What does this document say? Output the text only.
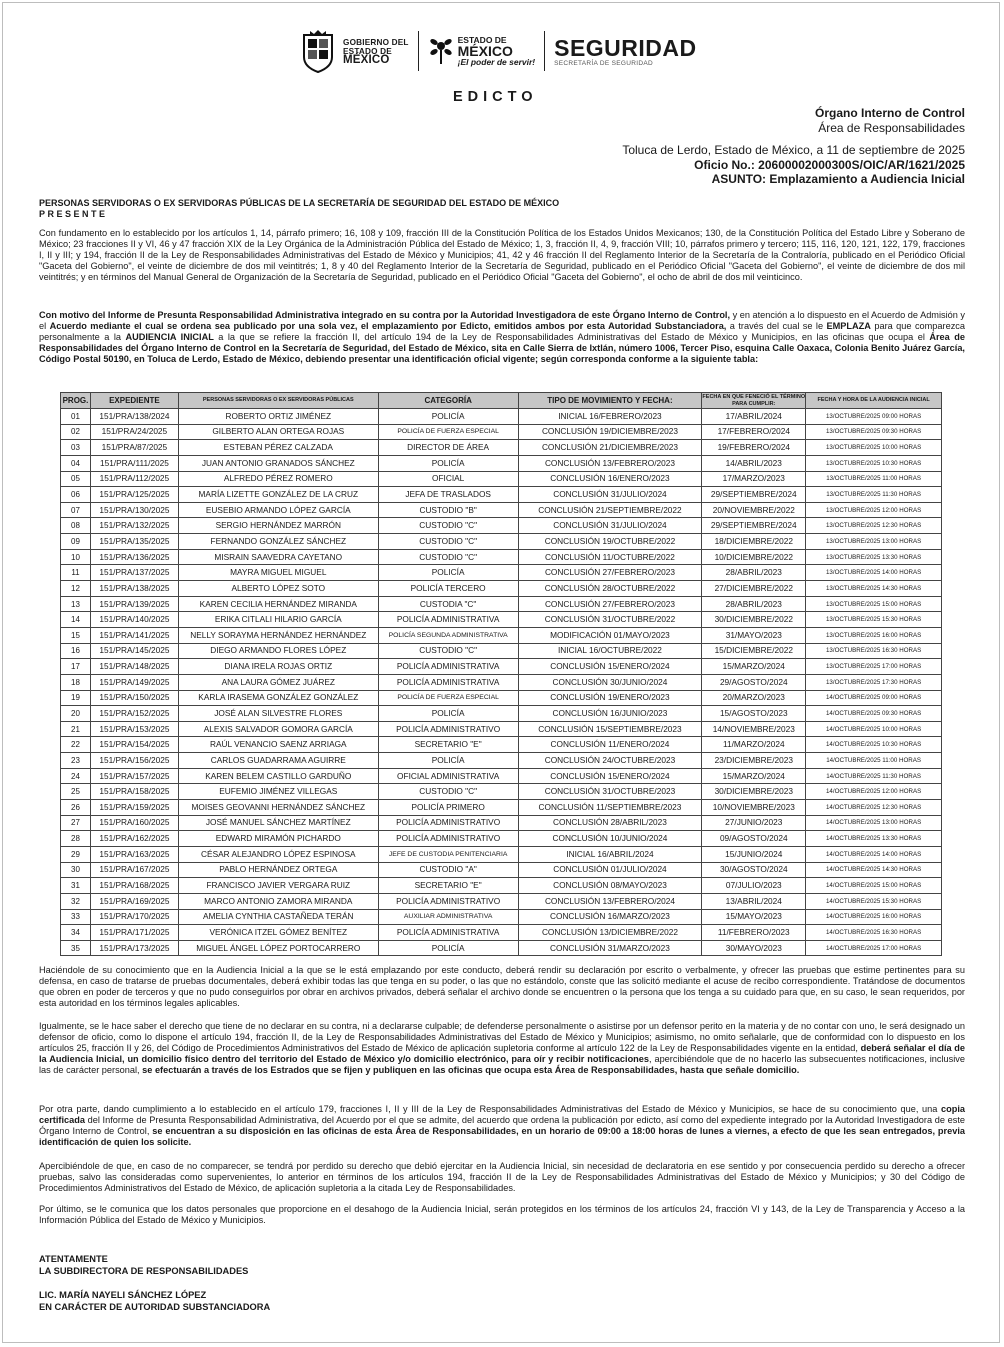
GOBIERNO DEL
ESTADO DE
MÉXICO
ESTADO DE
MÉXICO
¡El poder de servir!
SEGURIDAD
SECRETARÍA DE SEGURIDAD
EDICTO
Órgano Interno de Control
Área de Responsabilidades
Toluca de Lerdo, Estado de México, a 11 de septiembre de 2025
Oficio No.: 20600002000300S/OIC/AR/1621/2025
ASUNTO: Emplazamiento a Audiencia Inicial
PERSONAS SERVIDORAS O EX SERVIDORAS PÚBLICAS DE LA SECRETARÍA DE SEGURIDAD DEL ESTADO DE MÉXICO
PRESENTE
Con fundamento en lo establecido por los artículos 1, 14, párrafo primero; 16, 108 y 109, fracción III de la Constitución Política de los Estados Unidos Mexicanos; 130, de la Constitución Política del Estado Libre y Soberano de México; 23 fracciones II y VI, 46 y 47 fracción XIX de la Ley Orgánica de la Administración Pública del Estado de México; 1, 3, fracción II, 4, 9, fracción VIII; 10, párrafos primero y tercero; 115, 116, 120, 121, 122, 179, fracciones I, II y III; y 194, fracción II de la Ley de Responsabilidades Administrativas del Estado de México y Municipios; 41, 42 y 46 fracción II del Reglamento Interior de la Secretaría de la Contraloría, publicado en el Periódico Oficial "Gaceta del Gobierno", el veinte de diciembre de dos mil veintitrés; 1, 8 y 40 del Reglamento Interior de la Secretaría de Seguridad, publicado en el Periódico Oficial "Gaceta del Gobierno", el veinte de diciembre de dos mil veintitrés; y en términos del Manual General de Organización de la Secretaría de Seguridad, publicado en el Periódico Oficial "Gaceta del Gobierno", el ocho de abril de dos mil veinticinco.
Con motivo del Informe de Presunta Responsabilidad Administrativa integrado en su contra por la Autoridad Investigadora de este Órgano Interno de Control, y en atención a lo dispuesto en el Acuerdo de Admisión y el Acuerdo mediante el cual se ordena sea publicado por una sola vez, el emplazamiento por Edicto, emitidos ambos por esta Autoridad Substanciadora, a través del cual se le EMPLAZA para que comparezca personalmente a la AUDIENCIA INICIAL a la que se refiere la fracción II, del artículo 194 de la Ley de Responsabilidades Administrativas del Estado de México y Municipios, en las oficinas que ocupa el Área de Responsabilidades del Órgano Interno de Control en la Secretaría de Seguridad, del Estado de México, sita en Calle Sierra de Ixtlán, número 1006, Tercer Piso, esquina Calle Oaxaca, Colonia Benito Juárez García, Código Postal 50190, en Toluca de Lerdo, Estado de México, debiendo presentar una identificación oficial vigente; según corresponda conforme a la siguiente tabla:
PROG.	EXPEDIENTE	PERSONAS SERVIDORAS O EX SERVIDORAS PÚBLICAS	CATEGORÍA	TIPO DE MOVIMIENTO Y FECHA:	FECHA EN QUE FENECIÓ EL TÉRMINO PARA CUMPLIR:	FECHA Y HORA DE LA AUDIENCIA INICIAL
01	151/PRA/138/2024	ROBERTO ORTIZ JIMÉNEZ	POLICÍA	INICIAL 16/FEBRERO/2023	17/ABRIL/2024	13/OCTUBRE/2025 09:00 HORAS
02	151/PRA/24/2025	GILBERTO ALAN ORTEGA ROJAS	POLICÍA DE FUERZA ESPECIAL	CONCLUSIÓN 19/DICIEMBRE/2023	17/FEBRERO/2024	13/OCTUBRE/2025 09:30 HORAS
03	151/PRA/87/2025	ESTEBAN PÉREZ CALZADA	DIRECTOR DE ÁREA	CONCLUSIÓN 21/DICIEMBRE/2023	19/FEBRERO/2024	13/OCTUBRE/2025 10:00 HORAS
04	151/PRA/111/2025	JUAN ANTONIO GRANADOS SÁNCHEZ	POLICÍA	CONCLUSIÓN 13/FEBRERO/2023	14/ABRIL/2023	13/OCTUBRE/2025 10:30 HORAS
05	151/PRA/112/2025	ALFREDO PÉREZ ROMERO	OFICIAL	CONCLUSIÓN 16/ENERO/2023	17/MARZO/2023	13/OCTUBRE/2025 11:00 HORAS
06	151/PRA/125/2025	MARÍA LIZETTE GONZÁLEZ DE LA CRUZ	JEFA DE TRASLADOS	CONCLUSIÓN 31/JULIO/2024	29/SEPTIEMBRE/2024	13/OCTUBRE/2025 11:30 HORAS
07	151/PRA/130/2025	EUSEBIO ARMANDO LÓPEZ GARCÍA	CUSTODIO "B"	CONCLUSIÓN 21/SEPTIEMBRE/2022	20/NOVIEMBRE/2022	13/OCTUBRE/2025 12:00 HORAS
08	151/PRA/132/2025	SERGIO HERNÁNDEZ MARRÓN	CUSTODIO "C"	CONCLUSIÓN 31/JULIO/2024	29/SEPTIEMBRE/2024	13/OCTUBRE/2025 12:30 HORAS
09	151/PRA/135/2025	FERNANDO GONZÁLEZ SÁNCHEZ	CUSTODIO "C"	CONCLUSIÓN 19/OCTUBRE/2022	18/DICIEMBRE/2022	13/OCTUBRE/2025 13:00 HORAS
10	151/PRA/136/2025	MISRAIN SAAVEDRA CAYETANO	CUSTODIO "C"	CONCLUSIÓN 11/OCTUBRE/2022	10/DICIEMBRE/2022	13/OCTUBRE/2025 13:30 HORAS
11	151/PRA/137/2025	MAYRA MIGUEL MIGUEL	POLICÍA	CONCLUSIÓN 27/FEBRERO/2023	28/ABRIL/2023	13/OCTUBRE/2025 14:00 HORAS
12	151/PRA/138/2025	ALBERTO LÓPEZ SOTO	POLICÍA TERCERO	CONCLUSIÓN 28/OCTUBRE/2022	27/DICIEMBRE/2022	13/OCTUBRE/2025 14:30 HORAS
13	151/PRA/139/2025	KAREN CECILIA HERNÁNDEZ MIRANDA	CUSTODIA "C"	CONCLUSIÓN 27/FEBRERO/2023	28/ABRIL/2023	13/OCTUBRE/2025 15:00 HORAS
14	151/PRA/140/2025	ERIKA CITLALI HILARIO GARCÍA	POLICÍA ADMINISTRATIVA	CONCLUSIÓN 31/OCTUBRE/2022	30/DICIEMBRE/2022	13/OCTUBRE/2025 15:30 HORAS
15	151/PRA/141/2025	NELLY SORAYMA HERNÁNDEZ HERNÁNDEZ	POLICÍA SEGUNDA ADMINISTRATIVA	MODIFICACIÓN 01/MAYO/2023	31/MAYO/2023	13/OCTUBRE/2025 16:00 HORAS
16	151/PRA/145/2025	DIEGO ARMANDO FLORES LÓPEZ	CUSTODIO "C"	INICIAL 16/OCTUBRE/2022	15/DICIEMBRE/2022	13/OCTUBRE/2025 16:30 HORAS
17	151/PRA/148/2025	DIANA IRELA ROJAS ORTIZ	POLICÍA ADMINISTRATIVA	CONCLUSIÓN 15/ENERO/2024	15/MARZO/2024	13/OCTUBRE/2025 17:00 HORAS
18	151/PRA/149/2025	ANA LAURA GÓMEZ JUÁREZ	POLICÍA ADMINISTRATIVA	CONCLUSIÓN 30/JUNIO/2024	29/AGOSTO/2024	13/OCTUBRE/2025 17:30 HORAS
19	151/PRA/150/2025	KARLA IRASEMA GONZÁLEZ GONZÁLEZ	POLICÍA DE FUERZA ESPECIAL	CONCLUSIÓN 19/ENERO/2023	20/MARZO/2023	14/OCTUBRE/2025 09:00 HORAS
20	151/PRA/152/2025	JOSÉ ALAN SILVESTRE FLORES	POLICÍA	CONCLUSIÓN 16/JUNIO/2023	15/AGOSTO/2023	14/OCTUBRE/2025 09:30 HORAS
21	151/PRA/153/2025	ALEXIS SALVADOR GOMORA GARCÍA	POLICÍA ADMINISTRATIVO	CONCLUSIÓN 15/SEPTIEMBRE/2023	14/NOVIEMBRE/2023	14/OCTUBRE/2025 10:00 HORAS
22	151/PRA/154/2025	RAÚL VENANCIO SAENZ ARRIAGA	SECRETARIO "E"	CONCLUSIÓN 11/ENERO/2024	11/MARZO/2024	14/OCTUBRE/2025 10:30 HORAS
23	151/PRA/156/2025	CARLOS GUADARRAMA AGUIRRE	POLICÍA	CONCLUSIÓN 24/OCTUBRE/2023	23/DICIEMBRE/2023	14/OCTUBRE/2025 11:00 HORAS
24	151/PRA/157/2025	KAREN BELEM CASTILLO GARDUÑO	OFICIAL ADMINISTRATIVA	CONCLUSIÓN 15/ENERO/2024	15/MARZO/2024	14/OCTUBRE/2025 11:30 HORAS
25	151/PRA/158/2025	EUFEMIO JIMÉNEZ VILLEGAS	CUSTODIO "C"	CONCLUSIÓN 31/OCTUBRE/2023	30/DICIEMBRE/2023	14/OCTUBRE/2025 12:00 HORAS
26	151/PRA/159/2025	MOISES GEOVANNI HERNÁNDEZ SÁNCHEZ	POLICÍA PRIMERO	CONCLUSIÓN 11/SEPTIEMBRE/2023	10/NOVIEMBRE/2023	14/OCTUBRE/2025 12:30 HORAS
27	151/PRA/160/2025	JOSÉ MANUEL SÁNCHEZ MARTÍNEZ	POLICÍA ADMINISTRATIVO	CONCLUSIÓN 28/ABRIL/2023	27/JUNIO/2023	14/OCTUBRE/2025 13:00 HORAS
28	151/PRA/162/2025	EDWARD MIRAMÓN PICHARDO	POLICÍA ADMINISTRATIVO	CONCLUSIÓN 10/JUNIO/2024	09/AGOSTO/2024	14/OCTUBRE/2025 13:30 HORAS
29	151/PRA/163/2025	CÉSAR ALEJANDRO LÓPEZ ESPINOSA	JEFE DE CUSTODIA PENITENCIARIA	INICIAL 16/ABRIL/2024	15/JUNIO/2024	14/OCTUBRE/2025 14:00 HORAS
30	151/PRA/167/2025	PABLO HERNÁNDEZ ORTEGA	CUSTODIO "A"	CONCLUSIÓN 01/JULIO/2024	30/AGOSTO/2024	14/OCTUBRE/2025 14:30 HORAS
31	151/PRA/168/2025	FRANCISCO JAVIER VERGARA RUIZ	SECRETARIO "E"	CONCLUSIÓN 08/MAYO/2023	07/JULIO/2023	14/OCTUBRE/2025 15:00 HORAS
32	151/PRA/169/2025	MARCO ANTONIO ZAMORA MIRANDA	POLICÍA ADMINISTRATIVO	CONCLUSIÓN 13/FEBRERO/2024	13/ABRIL/2024	14/OCTUBRE/2025 15:30 HORAS
33	151/PRA/170/2025	AMELIA CYNTHIA CASTAÑEDA TERÁN	AUXILIAR ADMINISTRATIVA	CONCLUSIÓN 16/MARZO/2023	15/MAYO/2023	14/OCTUBRE/2025 16:00 HORAS
34	151/PRA/171/2025	VERÓNICA ITZEL GÓMEZ BENÍTEZ	POLICÍA ADMINISTRATIVA	CONCLUSIÓN 13/DICIEMBRE/2022	11/FEBRERO/2023	14/OCTUBRE/2025 16:30 HORAS
35	151/PRA/173/2025	MIGUEL ÁNGEL LÓPEZ PORTOCARRERO	POLICÍA	CONCLUSIÓN 31/MARZO/2023	30/MAYO/2023	14/OCTUBRE/2025 17:00 HORAS
Haciéndole de su conocimiento que en la Audiencia Inicial a la que se le está emplazando por este conducto, deberá rendir su declaración por escrito o verbalmente, y ofrecer las pruebas que estime pertinentes para su defensa, en caso de tratarse de pruebas documentales, deberá exhibir todas las que tenga en su poder, o las que no estándolo, conste que las solicitó mediante el acuse de recibo correspondiente. Tratándose de documentos que obren en poder de terceros y que no pudo conseguirlos por obrar en archivos privados, deberá señalar el archivo donde se encuentren o la persona que los tenga a su cuidado para que, en su caso, le sean requeridos, por esta autoridad en los términos legales aplicables.
Igualmente, se le hace saber el derecho que tiene de no declarar en su contra, ni a declararse culpable; de defenderse personalmente o asistirse por un defensor perito en la materia y de no contar con uno, le será designado un defensor de oficio, como lo dispone el artículo 194, fracción II, de la Ley de Responsabilidades Administrativas del Estado de México y Municipios; asimismo, no omito señalarle, que de conformidad con lo dispuesto en los artículos 25, fracción II y 26, del Código de Procedimientos Administrativos del Estado de México de aplicación supletoria conforme al artículo 122 de la Ley de Responsabilidades vigente en la entidad, deberá señalar el día de la Audiencia Inicial, un domicilio físico dentro del territorio del Estado de México y/o domicilio electrónico, para oír y recibir notificaciones, apercibiéndole que de no hacerlo las subsecuentes notificaciones, inclusive las de carácter personal, se efectuarán a través de los Estrados que se fijen y publiquen en las oficinas que ocupa esta Área de Responsabilidades, hasta que señale domicilio.
Por otra parte, dando cumplimiento a lo establecido en el artículo 179, fracciones I, II y III de la Ley de Responsabilidades Administrativas del Estado de México y Municipios, se hace de su conocimiento que, una copia certificada del Informe de Presunta Responsabilidad Administrativa, del Acuerdo por el que se admite, del acuerdo que ordena la publicación por edicto, así como del expediente integrado por la Autoridad Investigadora de este Órgano Interno de Control, se encuentran a su disposición en las oficinas de esta Área de Responsabilidades, en un horario de 09:00 a 18:00 horas de lunes a viernes, a efecto de que les sean entregados, previa identificación de quien los solicite.
Apercibiéndole de que, en caso de no comparecer, se tendrá por perdido su derecho que debió ejercitar en la Audiencia Inicial, sin necesidad de declaratoria en ese sentido y por consecuencia perdido su derecho a ofrecer pruebas, salvo las consideradas como supervenientes, lo anterior en términos de los artículos 194, fracción II de la Ley de Responsabilidades Administrativas del Estado de México y Municipios; y 30 del Código de Procedimientos Administrativos del Estado de México, de aplicación supletoria a la citada Ley de Responsabilidades.
Por último, se le comunica que los datos personales que proporcione en el desahogo de la Audiencia Inicial, serán protegidos en los términos de los artículos 24, fracción VI y 143, de la Ley de Transparencia y Acceso a la Información Pública del Estado de México y Municipios.
ATENTAMENTE
LA SUBDIRECTORA DE RESPONSABILIDADES
LIC. MARÍA NAYELI SÁNCHEZ LÓPEZ
EN CARÁCTER DE AUTORIDAD SUBSTANCIADORA
